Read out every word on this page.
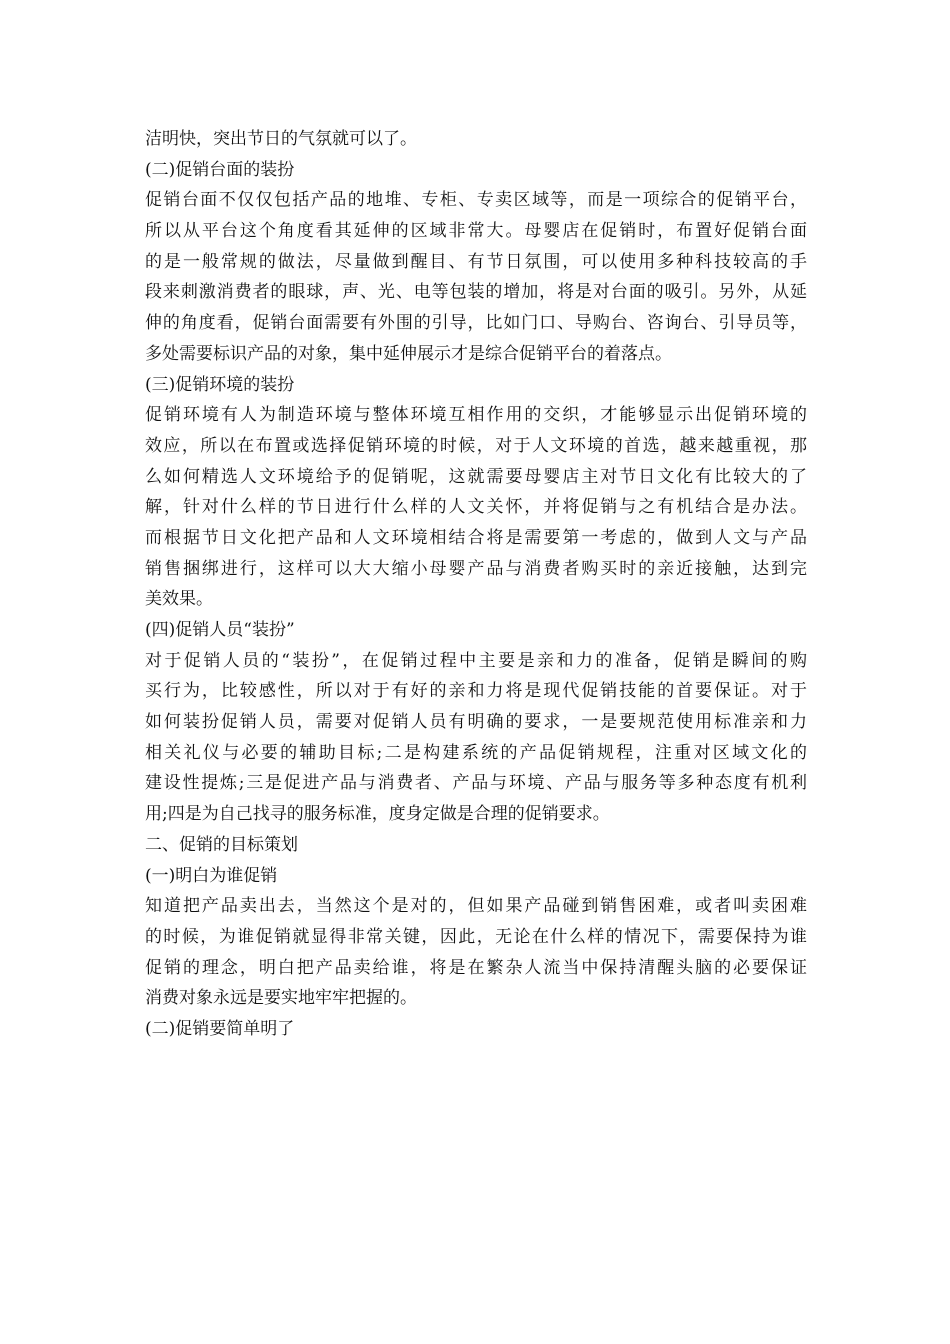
洁明快，突出节日的气氛就可以了。
(二)促销台面的装扮
促销台面不仅仅包括产品的地堆、专柜、专卖区域等，而是一项综合的促销平台，
所以从平台这个角度看其延伸的区域非常大。母婴店在促销时，布置好促销台面
的是一般常规的做法，尽量做到醒目、有节日氛围，可以使用多种科技较高的手
段来刺激消费者的眼球，声、光、电等包装的增加，将是对台面的吸引。另外，从延
伸的角度看，促销台面需要有外围的引导，比如门口、导购台、咨询台、引导员等，
多处需要标识产品的对象，集中延伸展示才是综合促销平台的着落点。
(三)促销环境的装扮
促销环境有人为制造环境与整体环境互相作用的交织，才能够显示出促销环境的
效应，所以在布置或选择促销环境的时候，对于人文环境的首选，越来越重视，那
么如何精选人文环境给予的促销呢，这就需要母婴店主对节日文化有比较大的了
解，针对什么样的节日进行什么样的人文关怀，并将促销与之有机结合是办法。
而根据节日文化把产品和人文环境相结合将是需要第一考虑的，做到人文与产品
销售捆绑进行，这样可以大大缩小母婴产品与消费者购买时的亲近接触，达到完
美效果。
(四)促销人员“装扮”
对于促销人员的“装扮”，在促销过程中主要是亲和力的准备，促销是瞬间的购
买行为，比较感性，所以对于有好的亲和力将是现代促销技能的首要保证。对于
如何装扮促销人员，需要对促销人员有明确的要求，一是要规范使用标准亲和力
相关礼仪与必要的辅助目标;二是构建系统的产品促销规程，注重对区域文化的
建设性提炼;三是促进产品与消费者、产品与环境、产品与服务等多种态度有机利
用;四是为自己找寻的服务标准，度身定做是合理的促销要求。
二、促销的目标策划
(一)明白为谁促销
知道把产品卖出去，当然这个是对的，但如果产品碰到销售困难，或者叫卖困难
的时候，为谁促销就显得非常关键，因此，无论在什么样的情况下，需要保持为谁
促销的理念，明白把产品卖给谁，将是在繁杂人流当中保持清醒头脑的必要保证
消费对象永远是要实地牢牢把握的。
(二)促销要简单明了
